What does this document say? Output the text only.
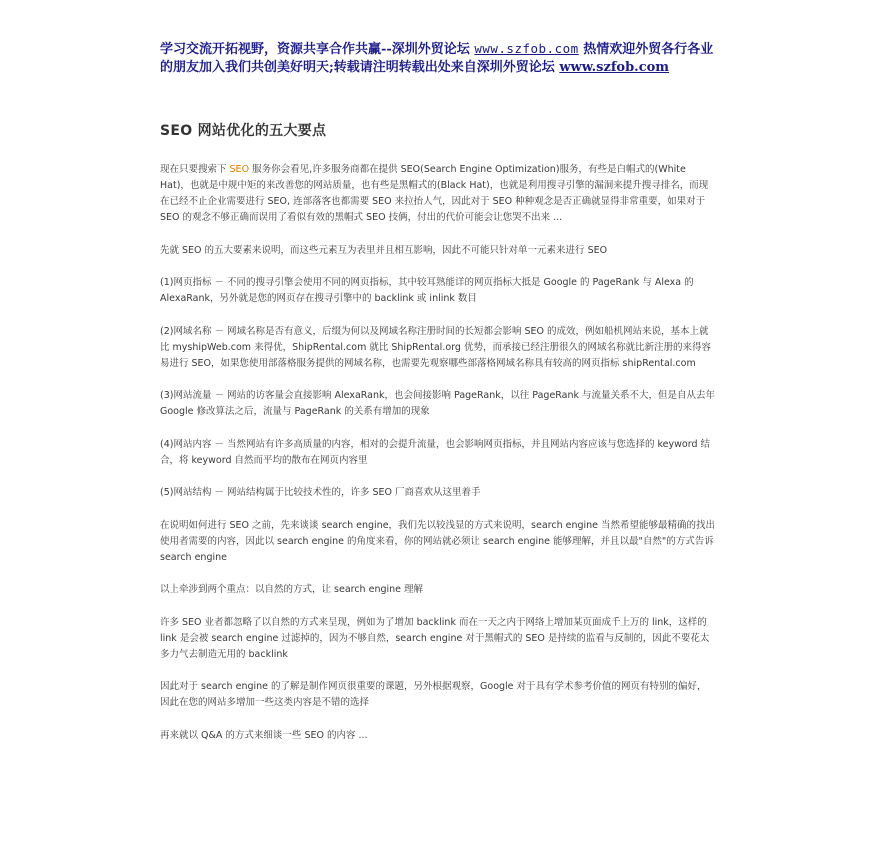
学习交流开拓视野，资源共享合作共赢--深圳外贸论坛 www.szfob.com 热情欢迎外贸各行各业的朋友加入我们共创美好明天;转载请注明转载出处来自深圳外贸论坛 www.szfob.com
SEO 网站优化的五大要点

现在只要搜索下 SEO 服务你会看见,许多服务商都在提供 SEO(Search Engine Optimization)服务，有些是白帽式的(White Hat)，也就是中规中矩的来改善您的网站质量，也有些是黑帽式的(Black Hat)，也就是利用搜寻引擎的漏洞来提升搜寻排名，而现在已经不止企业需要进行 SEO, 连部落客也都需要 SEO 来拉抬人气，因此对于 SEO 种种观念是否正确就显得非常重要，如果对于 SEO 的观念不够正确而误用了看似有效的黑帽式 SEO 技俩，付出的代价可能会让您哭不出来 ...

先就 SEO 的五大要素来说明，而这些元素互为表里并且相互影响，因此不可能只针对单一元素来进行 SEO

(1)网页指标 － 不同的搜寻引擎会使用不同的网页指标，其中较耳熟能详的网页指标大抵是 Google 的 PageRank 与 Alexa 的 AlexaRank，另外就是您的网页存在搜寻引擎中的 backlink 或 inlink 数目

(2)网域名称 － 网域名称是否有意义，后缀为何以及网域名称注册时间的长短都会影响 SEO 的成效，例如船机网站来说，基本上就比 myshipWeb.com 来得优，ShipRental.com 就比 ShipRental.org 优势，而承接已经注册很久的网域名称就比新注册的来得容易进行 SEO，如果您使用部落格服务提供的网域名称，也需要先观察哪些部落格网域名称具有较高的网页指标 shipRental.com

(3)网站流量 － 网站的访客量会直接影响 AlexaRank，也会间接影响 PageRank，以往 PageRank 与流量关系不大，但是自从去年 Google 修改算法之后，流量与 PageRank 的关系有增加的现象

(4)网站内容 － 当然网站有许多高质量的内容，相对的会提升流量，也会影响网页指标，并且网站内容应该与您选择的 keyword 结合，将 keyword 自然而平均的散布在网页内容里

(5)网站结构 － 网站结构属于比较技术性的，许多 SEO 厂商喜欢从这里着手

在说明如何进行 SEO 之前，先来谈谈 search engine，我们先以较浅显的方式来说明，search engine 当然希望能够最精确的找出使用者需要的内容，因此以 search engine 的角度来看，你的网站就必须让 search engine 能够理解，并且以最"自然"的方式告诉 search engine

以上牵涉到两个重点：以自然的方式，让 search engine 理解

许多 SEO 业者都忽略了以自然的方式来呈现，例如为了增加 backlink 而在一天之内于网络上增加某页面成千上万的 link，这样的 link 是会被 search engine 过滤掉的，因为不够自然，search engine 对于黑帽式的 SEO 是持续的监看与反制的，因此不要花太多力气去制造无用的 backlink

因此对于 search engine 的了解是制作网页很重要的课题，另外根据观察，Google 对于具有学术参考价值的网页有特别的偏好，因此在您的网站多增加一些这类内容是不错的选择

再来就以 Q&A 的方式来细谈一些 SEO 的内容 ...
